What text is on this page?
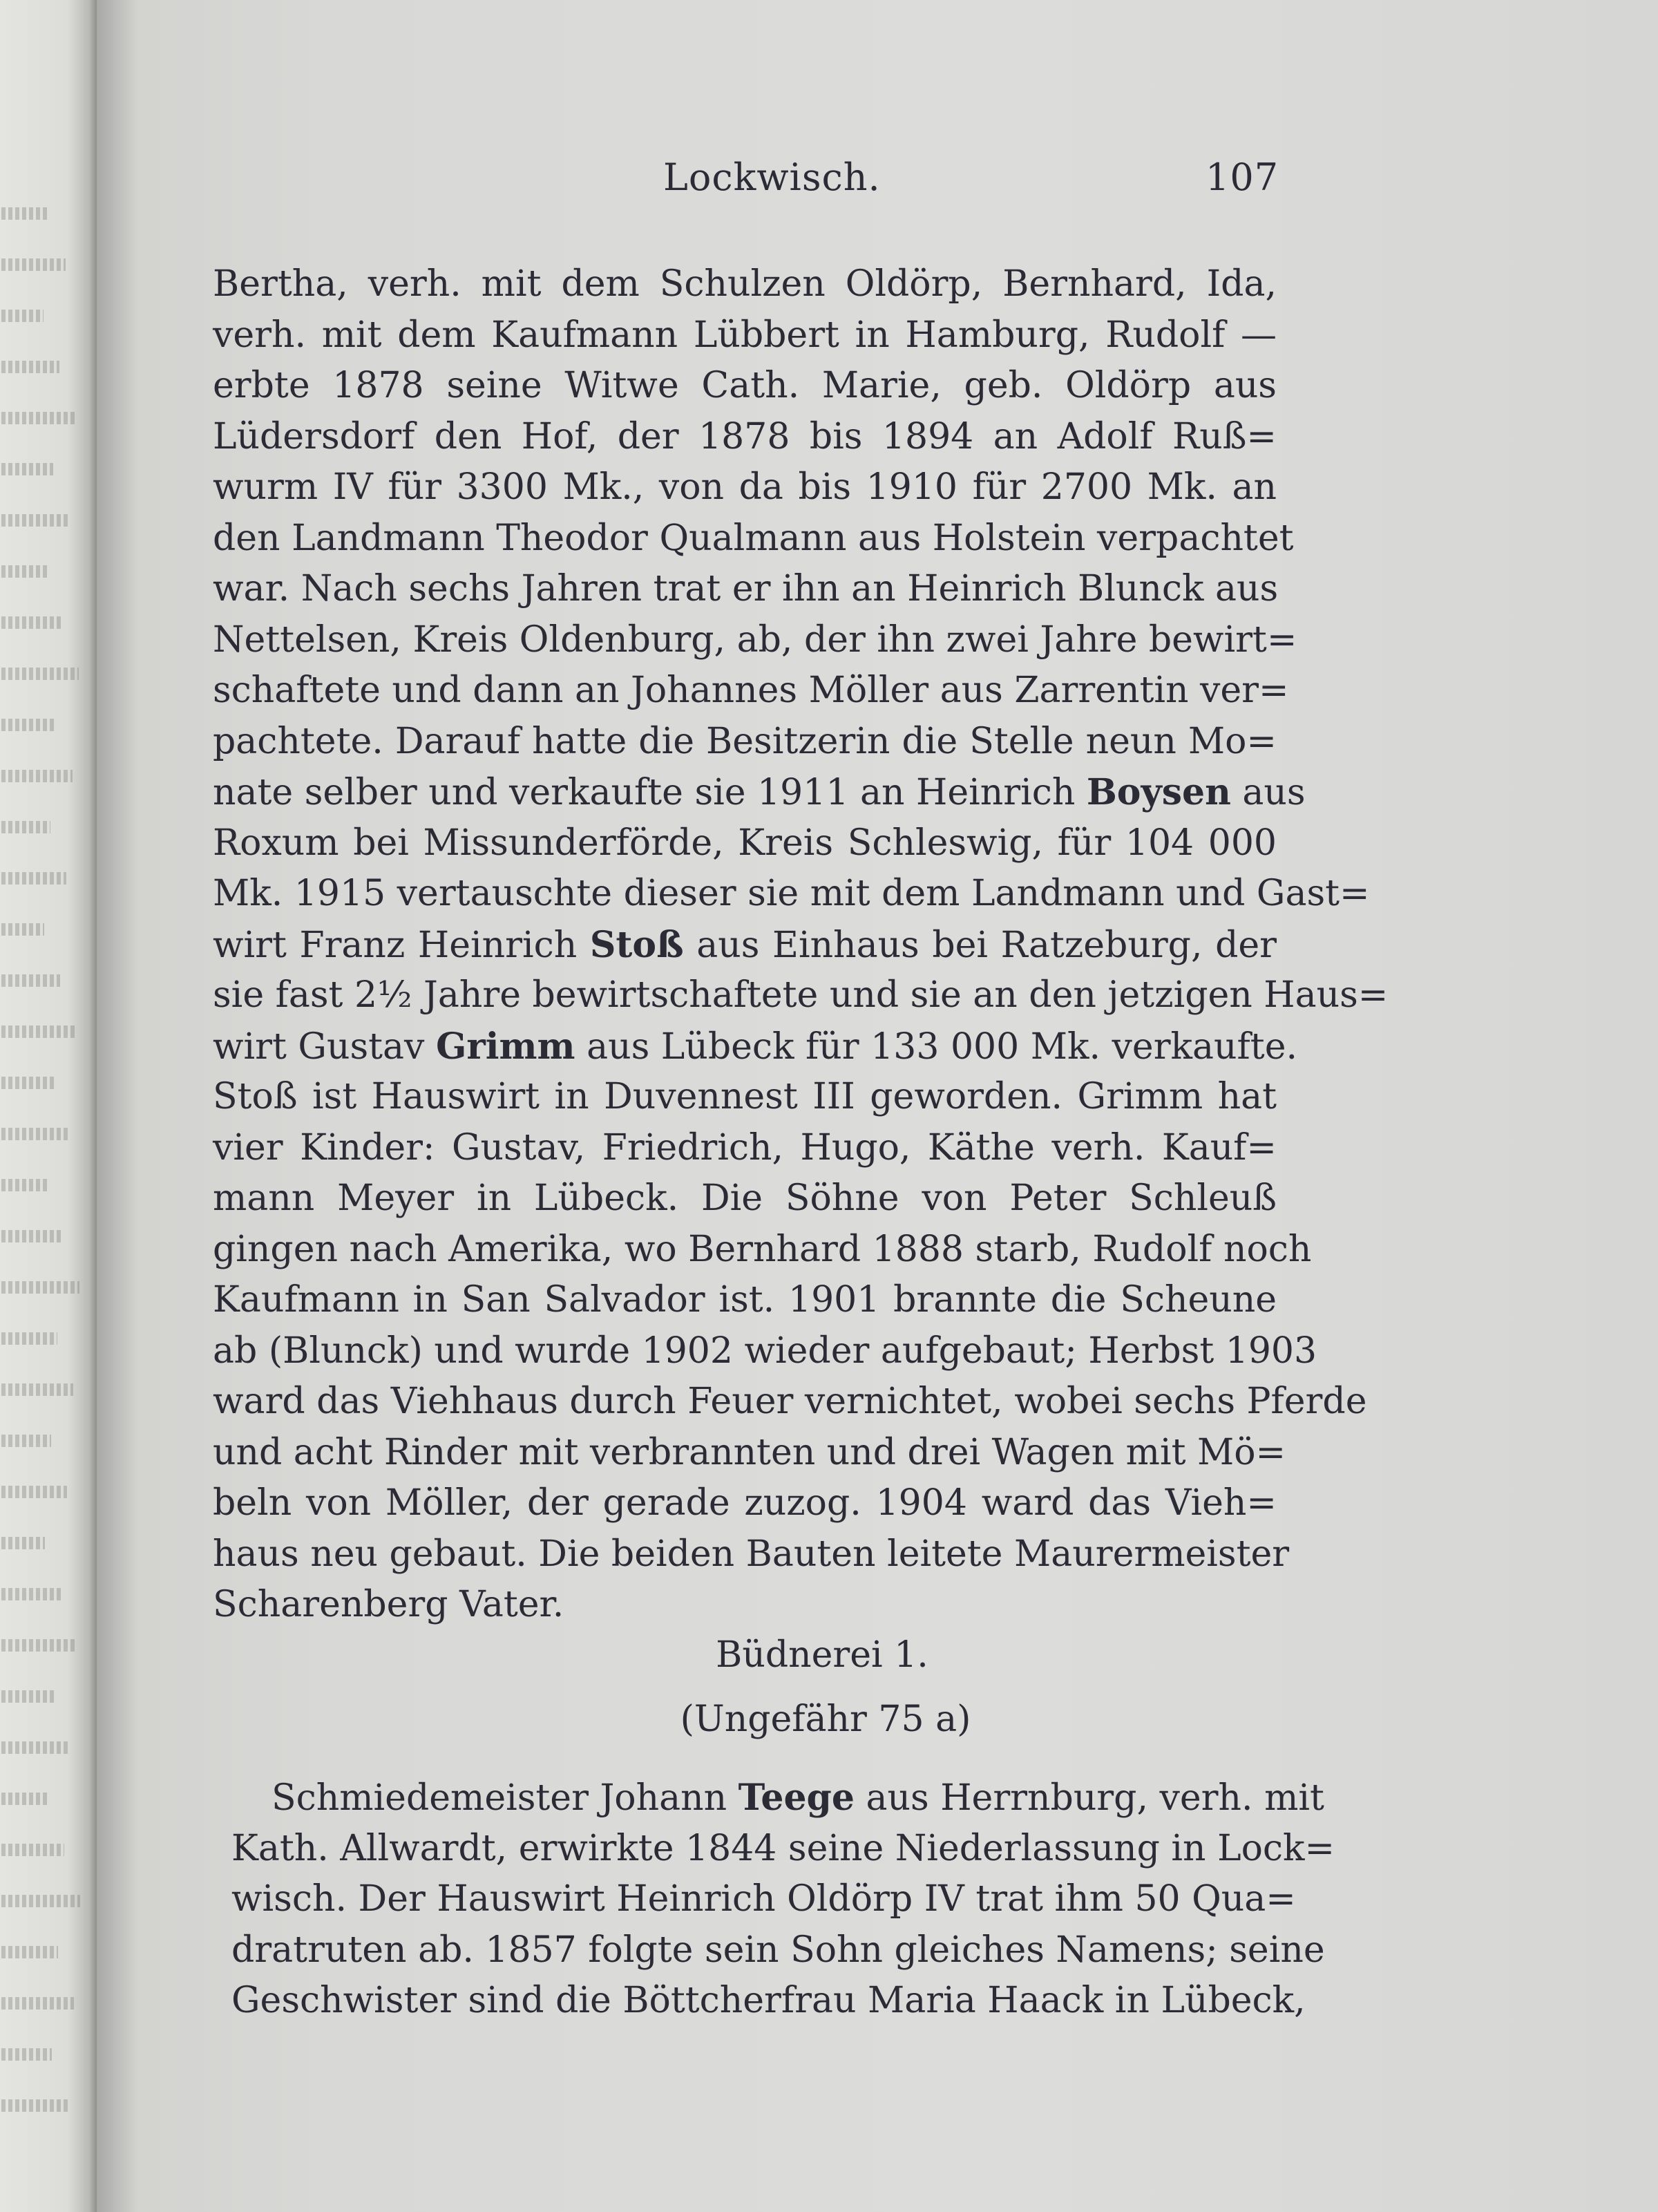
Lockwisch.	107
Bertha, verh. mit dem Schulzen Oldörp, Bernhard, Ida,
verh. mit dem Kaufmann Lübbert in Hamburg, Rudolf —
erbte 1878 seine Witwe Cath. Marie, geb. Oldörp aus
Lüdersdorf den Hof, der 1878 bis 1894 an Adolf Ruß=
wurm IV für 3300 Mk., von da bis 1910 für 2700 Mk. an
den Landmann Theodor Qualmann aus Holstein verpachtet
war. Nach sechs Jahren trat er ihn an Heinrich Blunck aus
Nettelsen, Kreis Oldenburg, ab, der ihn zwei Jahre bewirt=
schaftete und dann an Johannes Möller aus Zarrentin ver=
pachtete. Darauf hatte die Besitzerin die Stelle neun Mo=
nate selber und verkaufte sie 1911 an Heinrich Boysen aus
Roxum bei Missunderförde, Kreis Schleswig, für 104 000
Mk. 1915 vertauschte dieser sie mit dem Landmann und Gast=
wirt Franz Heinrich Stoß aus Einhaus bei Ratzeburg, der
sie fast 2½ Jahre bewirtschaftete und sie an den jetzigen Haus=
wirt Gustav Grimm aus Lübeck für 133 000 Mk. verkaufte.
Stoß ist Hauswirt in Duvennest III geworden. Grimm hat
vier Kinder: Gustav, Friedrich, Hugo, Käthe verh. Kauf=
mann Meyer in Lübeck. Die Söhne von Peter Schleuß
gingen nach Amerika, wo Bernhard 1888 starb, Rudolf noch
Kaufmann in San Salvador ist. 1901 brannte die Scheune
ab (Blunck) und wurde 1902 wieder aufgebaut; Herbst 1903
ward das Viehhaus durch Feuer vernichtet, wobei sechs Pferde
und acht Rinder mit verbrannten und drei Wagen mit Mö=
beln von Möller, der gerade zuzog. 1904 ward das Vieh=
haus neu gebaut. Die beiden Bauten leitete Maurermeister
Scharenberg Vater.
Büdnerei 1.
(Ungefähr 75 a)
Schmiedemeister Johann Teege aus Herrnburg, verh. mit
Kath. Allwardt, erwirkte 1844 seine Niederlassung in Lock=
wisch. Der Hauswirt Heinrich Oldörp IV trat ihm 50 Qua=
dratruten ab. 1857 folgte sein Sohn gleiches Namens; seine
Geschwister sind die Böttcherfrau Maria Haack in Lübeck,
